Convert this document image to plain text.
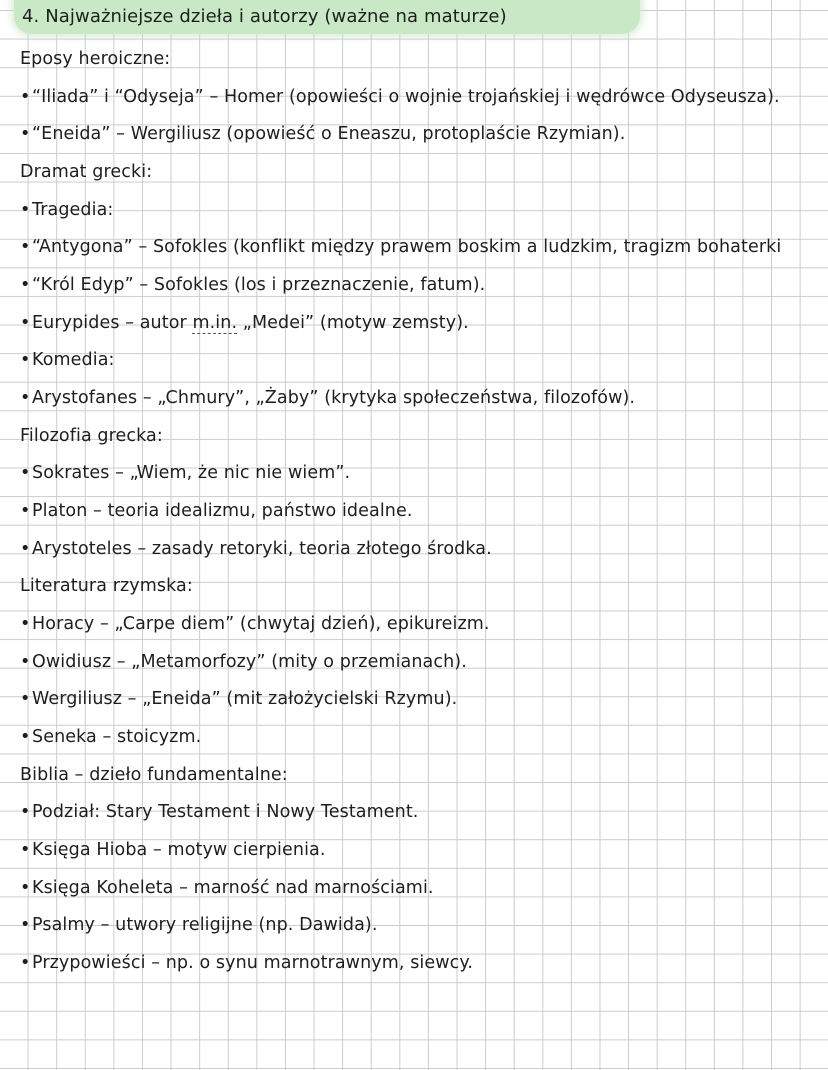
4. Najważniejsze dzieła i autorzy (ważne na maturze)
Eposy heroiczne:
•“Iliada” i “Odyseja” – Homer (opowieści o wojnie trojańskiej i wędrówce Odyseusza).
•“Eneida” – Wergiliusz (opowieść o Eneaszu, protoplaście Rzymian).
Dramat grecki:
•Tragedia:
•“Antygona” – Sofokles (konflikt między prawem boskim a ludzkim, tragizm bohaterki
•“Król Edyp” – Sofokles (los i przeznaczenie, fatum).
•Eurypides – autor m.in. „Medei” (motyw zemsty).
•Komedia:
•Arystofanes – „Chmury”, „Żaby” (krytyka społeczeństwa, filozofów).
Filozofia grecka:
•Sokrates – „Wiem, że nic nie wiem”.
•Platon – teoria idealizmu, państwo idealne.
•Arystoteles – zasady retoryki, teoria złotego środka.
Literatura rzymska:
•Horacy – „Carpe diem” (chwytaj dzień), epikureizm.
•Owidiusz – „Metamorfozy” (mity o przemianach).
•Wergiliusz – „Eneida” (mit założycielski Rzymu).
•Seneka – stoicyzm.
Biblia – dzieło fundamentalne:
•Podział: Stary Testament i Nowy Testament.
•Księga Hioba – motyw cierpienia.
•Księga Koheleta – marność nad marnościami.
•Psalmy – utwory religijne (np. Dawida).
•Przypowieści – np. o synu marnotrawnym, siewcy.
